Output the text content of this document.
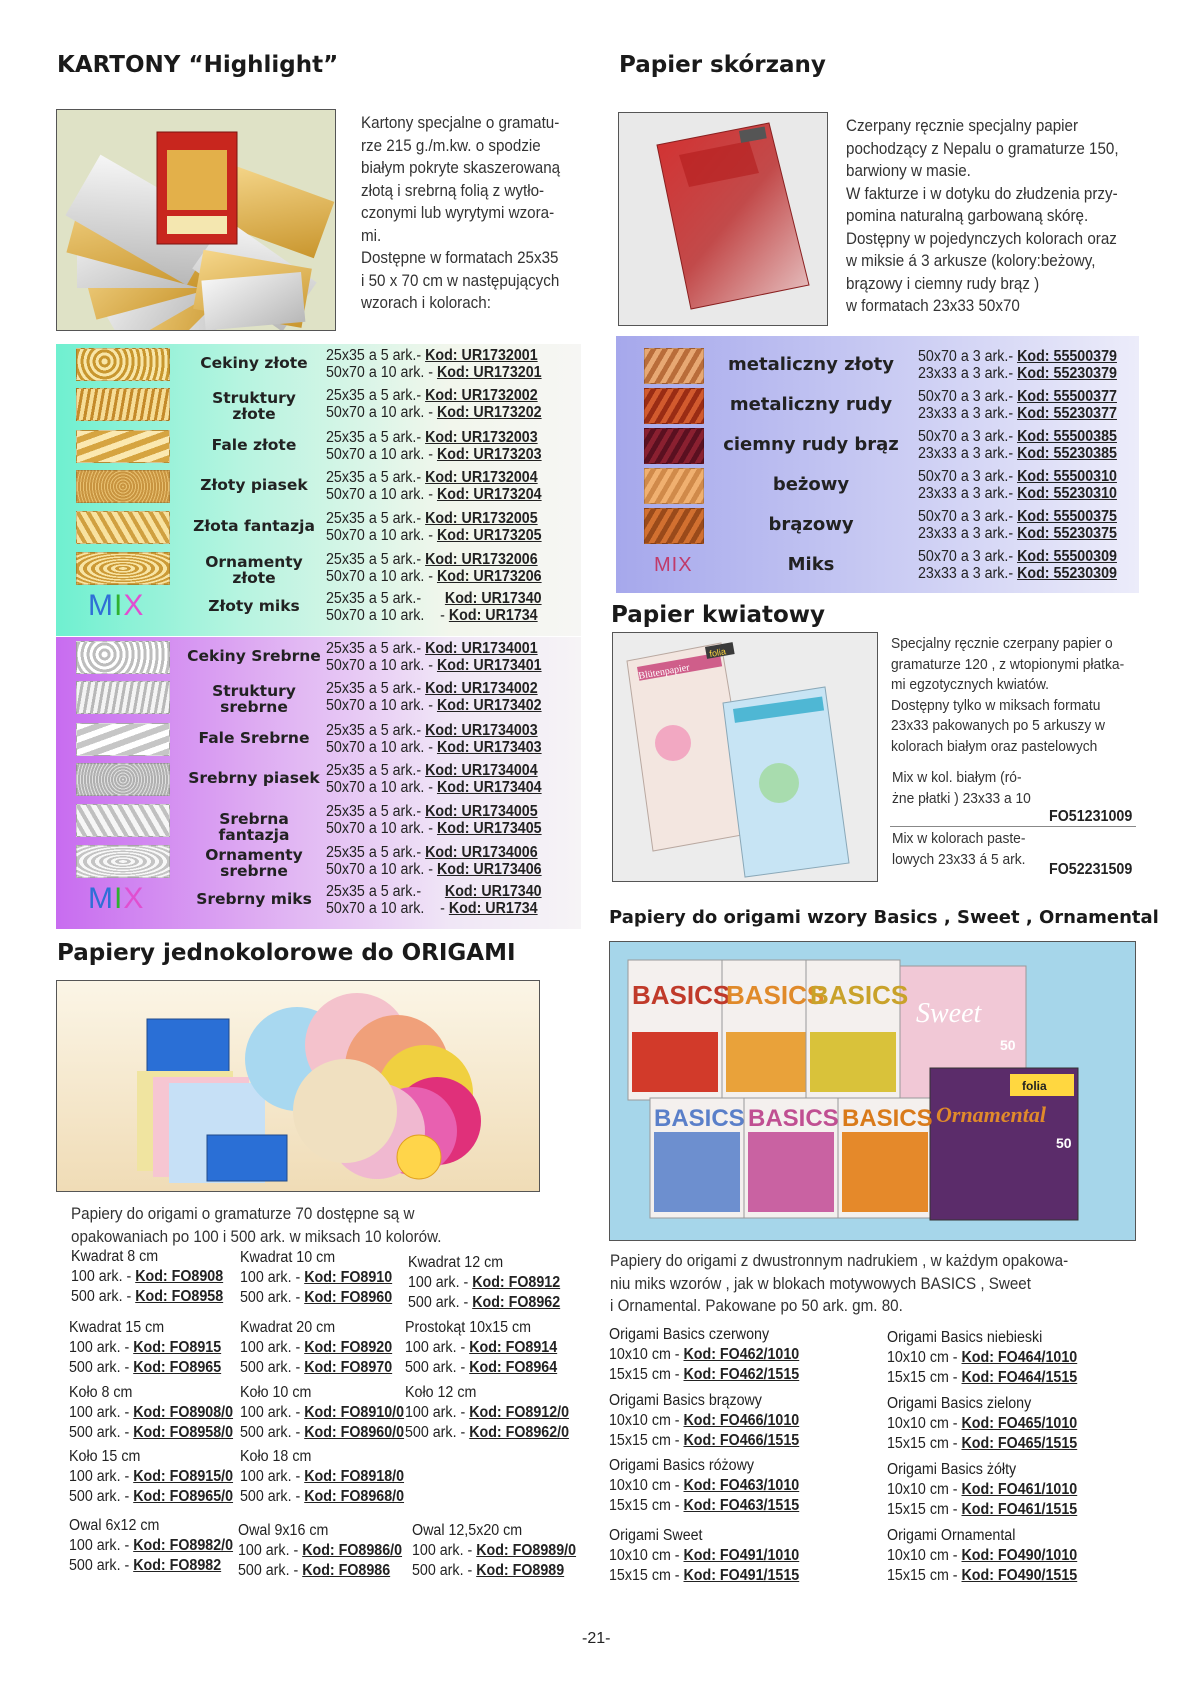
KARTONY “Highlight”
Kartony specjalne o gramatu-
rze 215 g./m.kw. o spodzie
białym pokryte skaszerowaną
złotą i srebrną folią z wytło-
czonymi lub wyrytymi wzora-
mi.
Dostępne w formatach 25x35
i 50 x 70 cm w następujących
wzorach i kolorach:
Cekiny złote	25x35 a 5 ark.- Kod: UR1732001
50x70 a 10 ark. - Kod: UR173201
Struktury
złote
25x35 a 5 ark.- Kod: UR1732002
50x70 a 10 ark. - Kod: UR173202
Fale złote	25x35 a 5 ark.- Kod: UR1732003
50x70 a 10 ark. - Kod: UR173203
Złoty piasek	25x35 a 5 ark.- Kod: UR1732004
50x70 a 10 ark. - Kod: UR173204
Złota fantazja 25x35 a 5 ark.- Kod: UR1732005
50x70 a 10 ark. - Kod: UR173205
Ornamenty
złote
25x35 a 5 ark.- Kod: UR1732006
50x70 a 10 ark. - Kod: UR173206
MIX	Złoty miks	25x35 a 5 ark.-      Kod: UR17340
50x70 a 10 ark.    - Kod: UR1734
Cekiny Srebrne 25x35 a 5 ark.- Kod: UR1734001
50x70 a 10 ark. - Kod: UR173401
Struktury
srebrne
25x35 a 5 ark.- Kod: UR1734002
50x70 a 10 ark. - Kod: UR173402
Fale Srebrne	25x35 a 5 ark.- Kod: UR1734003
50x70 a 10 ark. - Kod: UR173403
Srebrny piasek 25x35 a 5 ark.- Kod: UR1734004
50x70 a 10 ark. - Kod: UR173404
Srebrna fantazja
25x35 a 5 ark.- Kod: UR1734005
50x70 a 10 ark. - Kod: UR173405
Ornamenty
srebrne
25x35 a 5 ark.- Kod: UR1734006
50x70 a 10 ark. - Kod: UR173406
MIX	Srebrny miks 25x35 a 5 ark.-      Kod: UR17340
50x70 a 10 ark.    - Kod: UR1734
Papier skórzany
Czerpany ręcznie specjalny papier
pochodzący z Nepalu o gramaturze 150,
barwiony w masie.
W fakturze i w dotyku do złudzenia przy-
pomina naturalną garbowaną skórę.
Dostępny w pojedynczych kolorach oraz
w miksie á 3 arkusze (kolory:beżowy,
brązowy i ciemny rudy brąz )
w formatach 23x33 50x70
metaliczny złoty	50x70 a 3 ark.- Kod: 55500379
23x33 a 3 ark.- Kod: 55230379
metaliczny rudy	50x70 a 3 ark.- Kod: 55500377
23x33 a 3 ark.- Kod: 55230377
ciemny rudy brąz	50x70 a 3 ark.- Kod: 55500385
23x33 a 3 ark.- Kod: 55230385
beżowy	50x70 a 3 ark.- Kod: 55500310
23x33 a 3 ark.- Kod: 55230310
brązowy	50x70 a 3 ark.- Kod: 55500375
23x33 a 3 ark.- Kod: 55230375
MIX	Miks	50x70 a 3 ark.- Kod: 55500309
23x33 a 3 ark.- Kod: 55230309
Papier kwiatowy
folia
Blütenpapier
Specjalny ręcznie czerpany papier o
gramaturze 120 , z wtopionymi płatka-
mi egzotycznych kwiatów.
Dostępny tylko w miksach formatu
23x33 pakowanych po 5 arkuszy w
kolorach białym oraz pastelowych
Mix w kol. białym (ró-
żne płatki ) 23x33 a 10
FO51231009
Mix w kolorach paste-
lowych 23x33 á 5 ark.
FO52231509
Papiery do origami wzory Basics , Sweet , Ornamental
BASICS
BASICS
BASICS
Sweet
50
BASICS BASICS BASICS Ornamental
50
folia
Papiery do origami z dwustronnym nadrukiem , w każdym opakowa-
niu miks wzorów , jak w blokach motywowych BASICS , Sweet
i Ornamental. Pakowane po 50 ark. gm. 80.
Origami Basics czerwony
10x10 cm - Kod: FO462/1010
15x15 cm - Kod: FO462/1515
Origami Basics niebieski
10x10 cm - Kod: FO464/1010
15x15 cm - Kod: FO464/1515
Origami Basics brązowy
10x10 cm - Kod: FO466/1010
15x15 cm - Kod: FO466/1515
Origami Basics zielony
10x10 cm - Kod: FO465/1010
15x15 cm - Kod: FO465/1515
Origami Basics różowy
10x10 cm - Kod: FO463/1010
15x15 cm - Kod: FO463/1515
Origami Basics żółty
10x10 cm - Kod: FO461/1010
15x15 cm - Kod: FO461/1515
Origami Sweet
10x10 cm - Kod: FO491/1010
15x15 cm - Kod: FO491/1515
Origami Ornamental
10x10 cm - Kod: FO490/1010
15x15 cm - Kod: FO490/1515
Papiery jednokolorowe do ORIGAMI
Papiery do origami o gramaturze 70 dostępne są w
opakowaniach po 100 i 500 ark. w miksach 10 kolorów.
Kwadrat 8 cm
100 ark. - Kod: FO8908
500 ark. - Kod: FO8958
Kwadrat 10 cm
100 ark. - Kod: FO8910
500 ark. - Kod: FO8960
Kwadrat 12 cm
100 ark. - Kod: FO8912
500 ark. - Kod: FO8962
Kwadrat 15 cm
100 ark. - Kod: FO8915
500 ark. - Kod: FO8965
Kwadrat 20 cm
100 ark. - Kod: FO8920
500 ark. - Kod: FO8970
Prostokąt 10x15 cm
100 ark. - Kod: FO8914
500 ark. - Kod: FO8964
Koło 8 cm
100 ark. - Kod: FO8908/0
500 ark. - Kod: FO8958/0
Koło 10 cm
100 ark. - Kod: FO8910/0
500 ark. - Kod: FO8960/0
Koło 12 cm
100 ark. - Kod: FO8912/0
500 ark. - Kod: FO8962/0
Koło 15 cm
100 ark. - Kod: FO8915/0
500 ark. - Kod: FO8965/0
Koło 18 cm
100 ark. - Kod: FO8918/0
500 ark. - Kod: FO8968/0
Owal 6x12 cm
100 ark. - Kod: FO8982/0
500 ark. - Kod: FO8982
Owal 9x16 cm
100 ark. - Kod: FO8986/0
500 ark. - Kod: FO8986
Owal 12,5x20 cm
100 ark. - Kod: FO8989/0
500 ark. - Kod: FO8989
-21-
